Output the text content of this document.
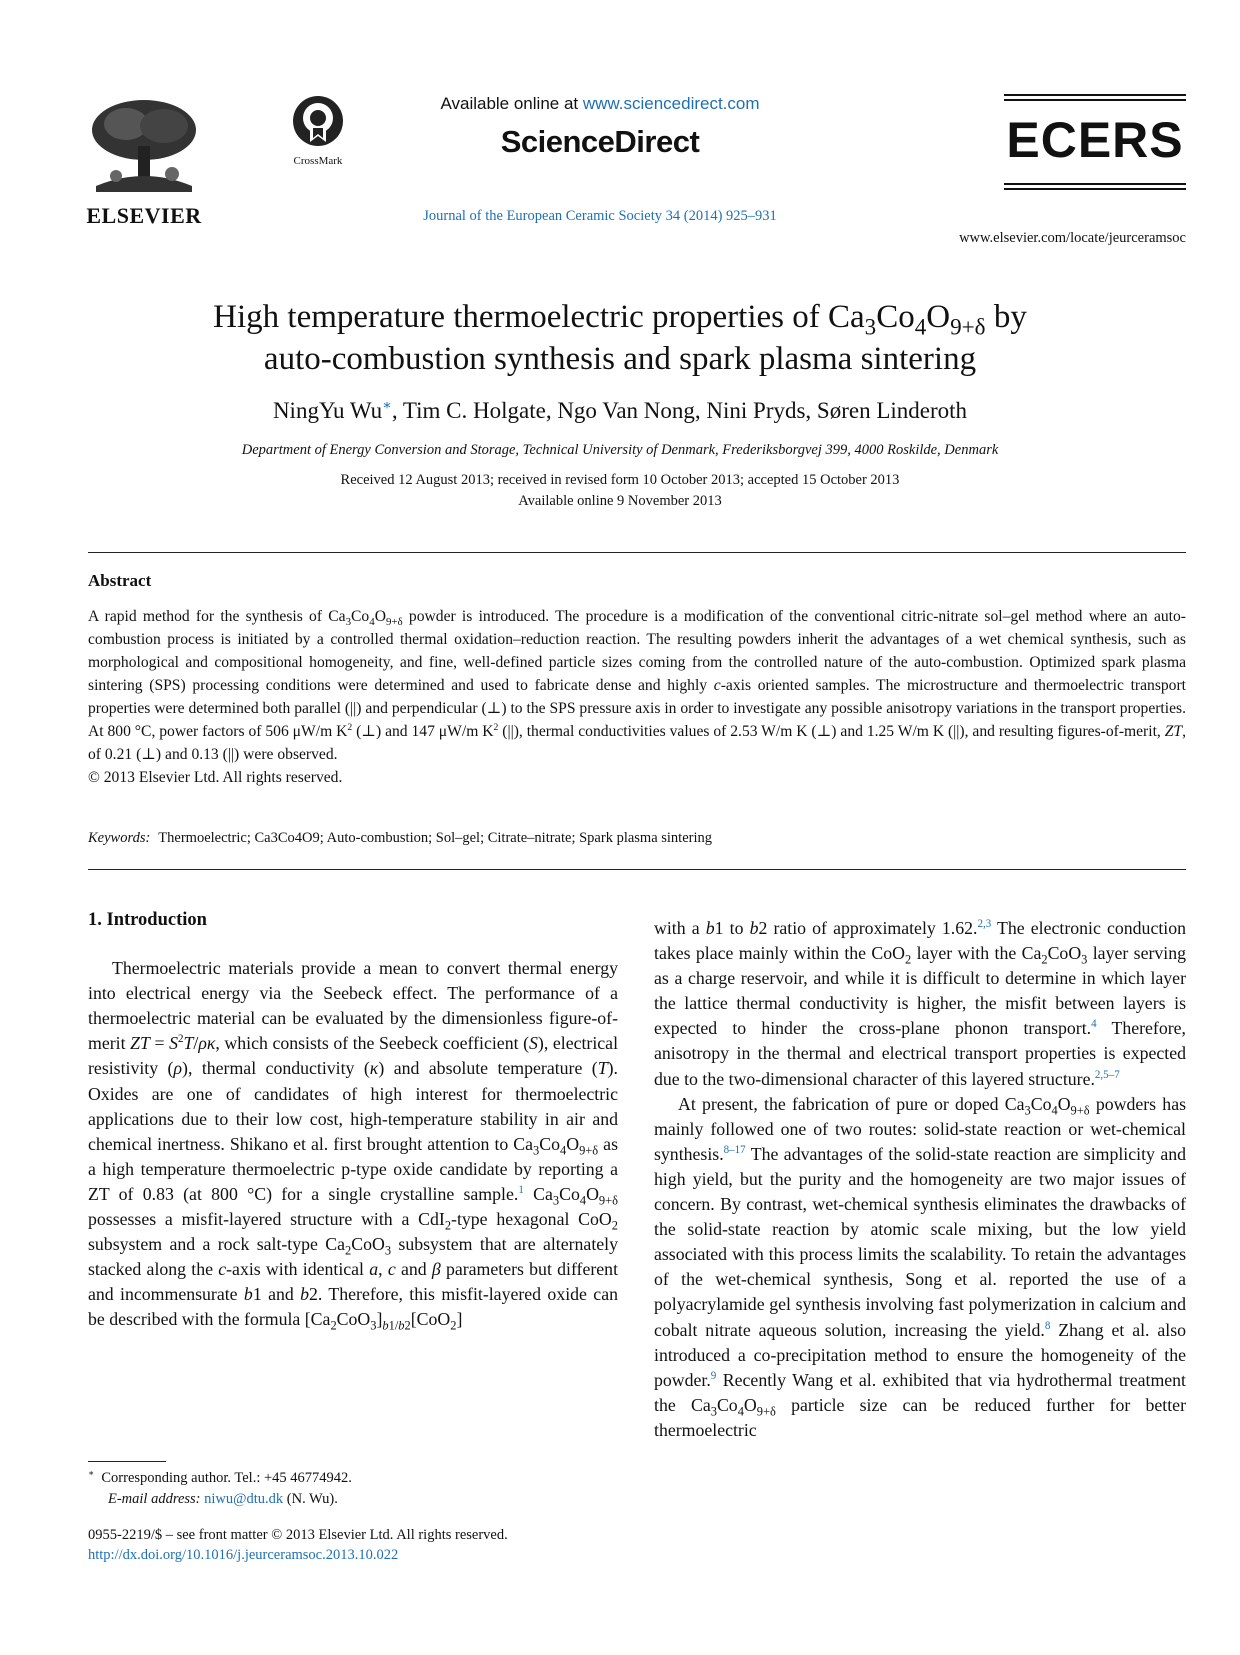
ELSEVIER
CrossMark
Available online at www.sciencedirect.com
ScienceDirect
Journal of the European Ceramic Society 34 (2014) 925–931
ECERS
www.elsevier.com/locate/jeurceramsoc
High temperature thermoelectric properties of $Ca_3Co_4O_{9+\delta}$ by
auto-combustion synthesis and spark plasma sintering
NingYu Wu∗, Tim C. Holgate, Ngo Van Nong, Nini Pryds, Søren Linderoth
Department of Energy Conversion and Storage, Technical University of Denmark, Frederiksborgvej 399, 4000 Roskilde, Denmark
Received 12 August 2013; received in revised form 10 October 2013; accepted 15 October 2013
Available online 9 November 2013
Abstract
A rapid method for the synthesis of $Ca_3Co_4O_{9+\delta}$ powder is introduced. The procedure is a modification of the conventional citric-nitrate sol–gel method where an auto-combustion process is initiated by a controlled thermal oxidation–reduction reaction. The resulting powders inherit the advantages of a wet chemical synthesis, such as morphological and compositional homogeneity, and fine, well-defined particle sizes coming from the controlled nature of the auto-combustion. Optimized spark plasma sintering (SPS) processing conditions were determined and used to fabricate dense and highly c-axis oriented samples. The microstructure and thermoelectric transport properties were determined both parallel (||) and perpendicular (⊥) to the SPS pressure axis in order to investigate any possible anisotropy variations in the transport properties. At 800 °C, power factors of 506 μW/m $K^2$ (⊥) and 147 μW/m $K^2$ (||), thermal conductivities values of 2.53 W/m K (⊥) and 1.25 W/m K (||), and resulting figures-of-merit, ZT, of 0.21 (⊥) and 0.13 (||) were observed.
© 2013 Elsevier Ltd. All rights reserved.
Keywords: Thermoelectric; Ca3Co4O9; Auto-combustion; Sol–gel; Citrate–nitrate; Spark plasma sintering
1. Introduction

Thermoelectric materials provide a mean to convert thermal energy into electrical energy via the Seebeck effect. The performance of a thermoelectric material can be evaluated by the dimensionless figure-of-merit ZT = $S^2T/\rho\kappa$, which consists of the Seebeck coefficient (S), electrical resistivity (ρ), thermal conductivity (κ) and absolute temperature (T). Oxides are one of candidates of high interest for thermoelectric applications due to their low cost, high-temperature stability in air and chemical inertness. Shikano et al. first brought attention to $Ca_3Co_4O_{9+\delta}$ as a high temperature thermoelectric p-type oxide candidate by reporting a ZT of 0.83 (at 800 °C) for a single crystalline sample.$^1$ $Ca_3Co_4O_{9+\delta}$ possesses a misfit-layered structure with a CdI$_2$-type hexagonal CoO$_2$ subsystem and a rock salt-type $Ca_2CoO_3$ subsystem that are alternately stacked along the c-axis with identical a, c and β parameters but different and incommensurate b1 and b2. Therefore, this misfit-layered oxide can be described with the formula $[Ca_2CoO_3]_{b1/b2}[CoO_2]$

with a b1 to b2 ratio of approximately 1.62.$^{2,3}$ The electronic conduction takes place mainly within the CoO$_2$ layer with the $Ca_2CoO_3$ layer serving as a charge reservoir, and while it is difficult to determine in which layer the lattice thermal conductivity is higher, the misfit between layers is expected to hinder the cross-plane phonon transport.$^4$ Therefore, anisotropy in the thermal and electrical transport properties is expected due to the two-dimensional character of this layered structure.$^{2,5-7}$

At present, the fabrication of pure or doped $Ca_3Co_4O_{9+\delta}$ powders has mainly followed one of two routes: solid-state reaction or wet-chemical synthesis.$^{8-17}$ The advantages of the solid-state reaction are simplicity and high yield, but the purity and the homogeneity are two major issues of concern. By contrast, wet-chemical synthesis eliminates the drawbacks of the solid-state reaction by atomic scale mixing, but the low yield associated with this process limits the scalability. To retain the advantages of the wet-chemical synthesis, Song et al. reported the use of a polyacrylamide gel synthesis involving fast polymerization in calcium and cobalt nitrate aqueous solution, increasing the yield.$^8$ Zhang et al. also introduced a co-precipitation method to ensure the homogeneity of the powder.$^9$ Recently Wang et al. exhibited that via hydrothermal treatment the $Ca_3Co_4O_{9+\delta}$ particle size can be reduced further for better thermoelectric

∗ Corresponding author. Tel.: +45 46774942.
E-mail address: niwu@dtu.dk (N. Wu).
0955-2219/$ – see front matter © 2013 Elsevier Ltd. All rights reserved.
http://dx.doi.org/10.1016/j.jeurceramsoc.2013.10.022
